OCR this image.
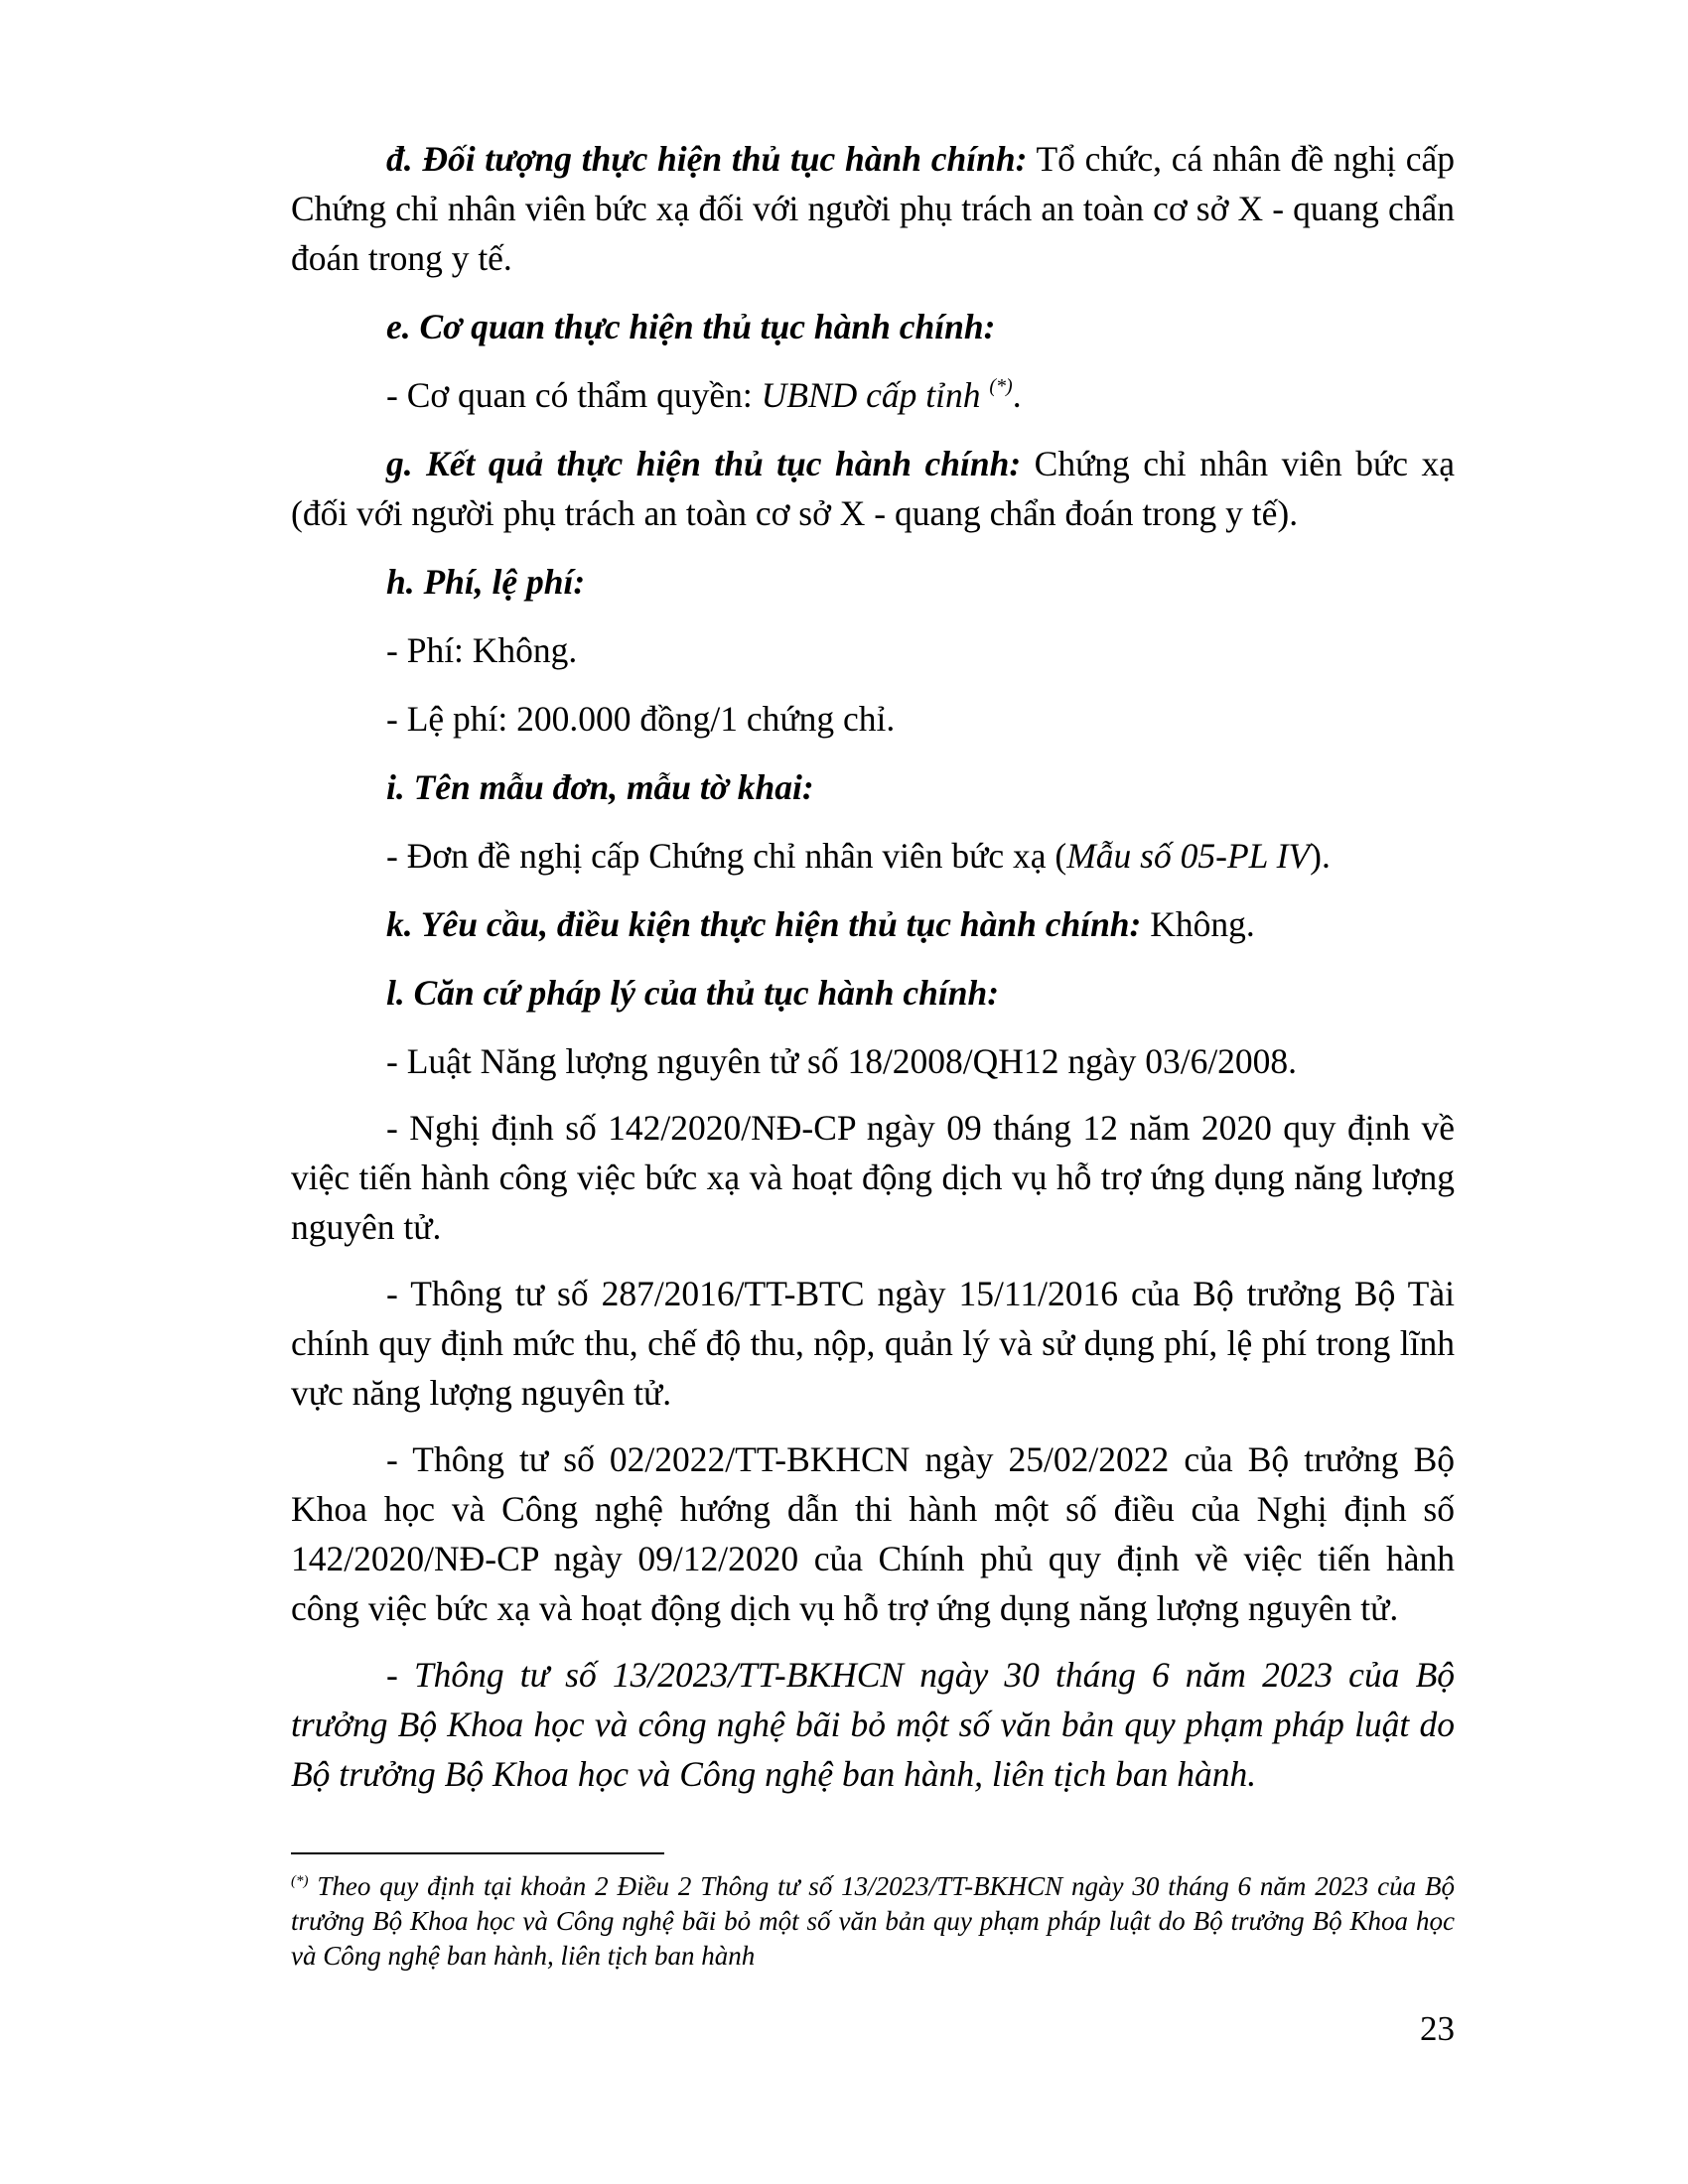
đ. Đối tượng thực hiện thủ tục hành chính: Tổ chức, cá nhân đề nghị cấp Chứng chỉ nhân viên bức xạ đối với người phụ trách an toàn cơ sở X - quang chẩn đoán trong y tế.

e. Cơ quan thực hiện thủ tục hành chính:

- Cơ quan có thẩm quyền: UBND cấp tỉnh (*).

g. Kết quả thực hiện thủ tục hành chính: Chứng chỉ nhân viên bức xạ (đối với người phụ trách an toàn cơ sở X - quang chẩn đoán trong y tế).

h. Phí, lệ phí:

- Phí: Không.

- Lệ phí: 200.000 đồng/1 chứng chỉ.

i. Tên mẫu đơn, mẫu tờ khai:

- Đơn đề nghị cấp Chứng chỉ nhân viên bức xạ (Mẫu số 05-PL IV).

k. Yêu cầu, điều kiện thực hiện thủ tục hành chính: Không.

l. Căn cứ pháp lý của thủ tục hành chính:

- Luật Năng lượng nguyên tử số 18/2008/QH12 ngày 03/6/2008.

- Nghị định số 142/2020/NĐ-CP ngày 09 tháng 12 năm 2020 quy định về việc tiến hành công việc bức xạ và hoạt động dịch vụ hỗ trợ ứng dụng năng lượng nguyên tử.

- Thông tư số 287/2016/TT-BTC ngày 15/11/2016 của Bộ trưởng Bộ Tài chính quy định mức thu, chế độ thu, nộp, quản lý và sử dụng phí, lệ phí trong lĩnh vực năng lượng nguyên tử.

- Thông tư số 02/2022/TT-BKHCN ngày 25/02/2022 của Bộ trưởng Bộ Khoa học và Công nghệ hướng dẫn thi hành một số điều của Nghị định số 142/2020/NĐ-CP ngày 09/12/2020 của Chính phủ quy định về việc tiến hành công việc bức xạ và hoạt động dịch vụ hỗ trợ ứng dụng năng lượng nguyên tử.

- Thông tư số 13/2023/TT-BKHCN ngày 30 tháng 6 năm 2023 của Bộ trưởng Bộ Khoa học và công nghệ bãi bỏ một số văn bản quy phạm pháp luật do Bộ trưởng Bộ Khoa học và Công nghệ ban hành, liên tịch ban hành.

(*) Theo quy định tại khoản 2 Điều 2 Thông tư số 13/2023/TT-BKHCN ngày 30 tháng 6 năm 2023 của Bộ trưởng Bộ Khoa học và Công nghệ bãi bỏ một số văn bản quy phạm pháp luật do Bộ trưởng Bộ Khoa học và Công nghệ ban hành, liên tịch ban hành
23
